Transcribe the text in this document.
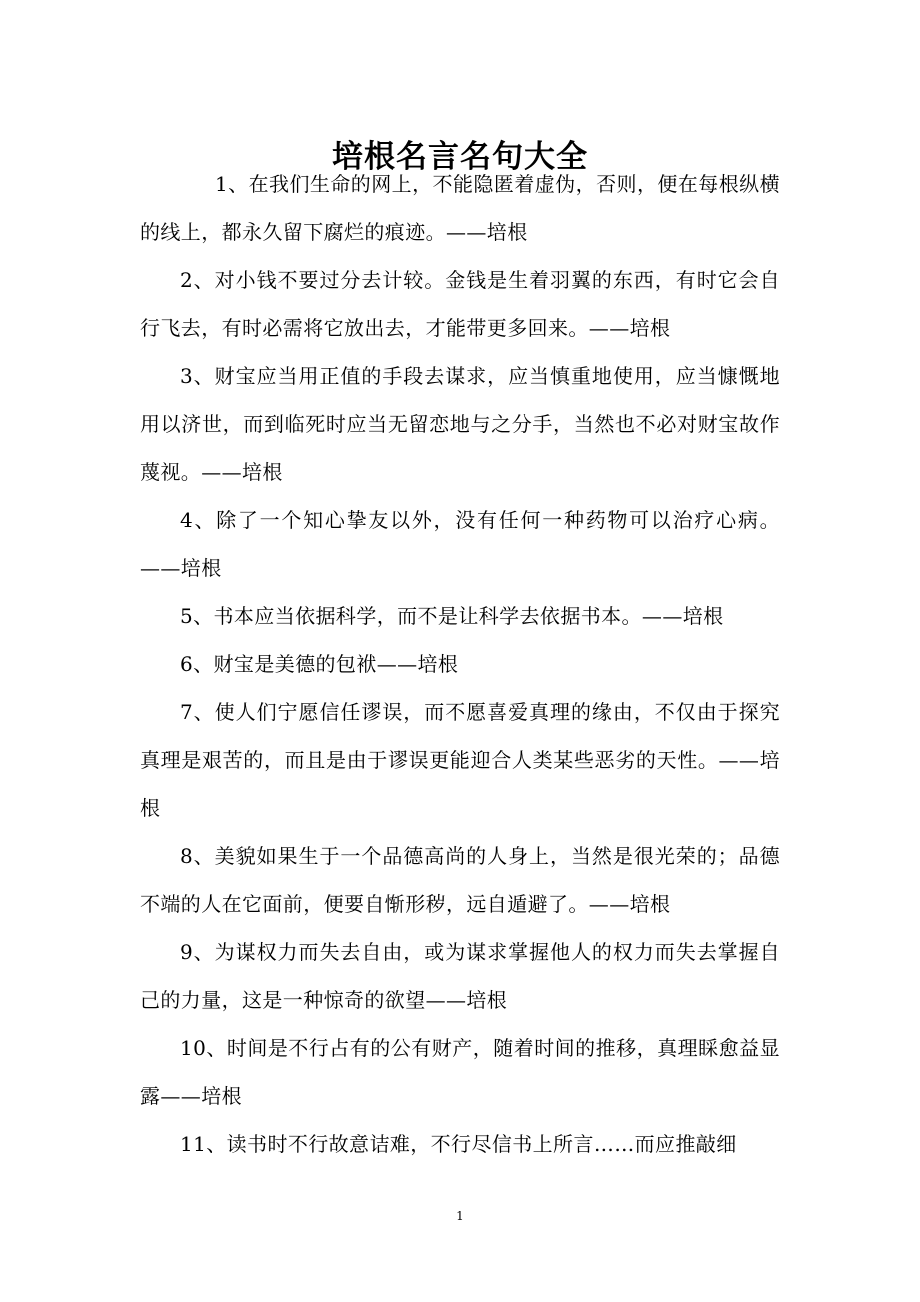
培根名言名句大全

1、在我们生命的网上，不能隐匿着虚伪，否则，便在每根纵横的线上，都永久留下腐烂的痕迹。——培根

2、对小钱不要过分去计较。金钱是生着羽翼的东西，有时它会自行飞去，有时必需将它放出去，才能带更多回来。——培根

3、财宝应当用正值的手段去谋求，应当慎重地使用，应当慷慨地用以济世，而到临死时应当无留恋地与之分手，当然也不必对财宝故作蔑视。——培根

4、除了一个知心挚友以外，没有任何一种药物可以治疗心病。——培根

5、书本应当依据科学，而不是让科学去依据书本。——培根

6、财宝是美德的包袱——培根

7、使人们宁愿信任谬误，而不愿喜爱真理的缘由，不仅由于探究真理是艰苦的，而且是由于谬误更能迎合人类某些恶劣的天性。——培根

8、美貌如果生于一个品德高尚的人身上，当然是很光荣的；品德不端的人在它面前，便要自惭形秽，远自遁避了。——培根

9、为谋权力而失去自由，或为谋求掌握他人的权力而失去掌握自己的力量，这是一种惊奇的欲望——培根

10、时间是不行占有的公有财产，随着时间的推移，真理睬愈益显露——培根

11、读书时不行故意诘难，不行尽信书上所言……而应推敲细

1
